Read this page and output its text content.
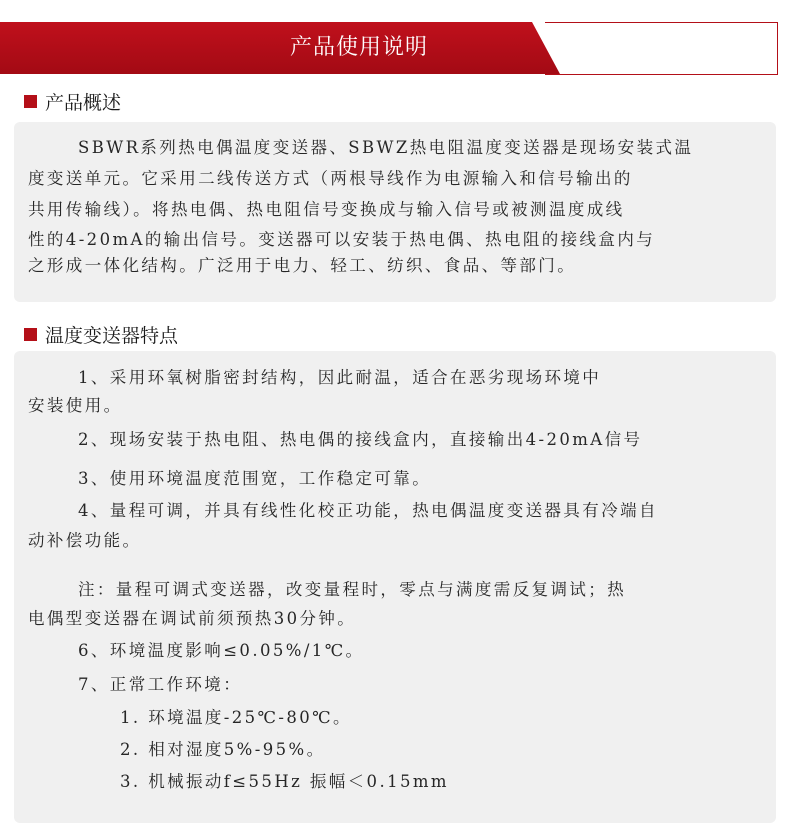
产品使用说明
产品概述
SBWR系列热电偶温度变送器、SBWZ热电阻温度变送器是现场安装式温
度变送单元。它采用二线传送方式（两根导线作为电源输入和信号输出的
共用传输线）。将热电偶、热电阻信号变换成与输入信号或被测温度成线
性的4-20mA的输出信号。变送器可以安装于热电偶、热电阻的接线盒内与
之形成一体化结构。广泛用于电力、轻工、纺织、食品、等部门。
温度变送器特点
1、采用环氧树脂密封结构，因此耐温，适合在恶劣现场环境中
安装使用。
2、现场安装于热电阻、热电偶的接线盒内，直接输出4-20mA信号
3、使用环境温度范围宽，工作稳定可靠。
4、量程可调，并具有线性化校正功能，热电偶温度变送器具有冷端自
动补偿功能。
注：量程可调式变送器，改变量程时，零点与满度需反复调试；热
电偶型变送器在调试前须预热30分钟。
6、环境温度影响≤0.05%/1℃。
7、正常工作环境：
1. 环境温度-25℃-80℃。
2. 相对湿度5%-95%。
3. 机械振动f≤55Hz 振幅＜0.15mm
